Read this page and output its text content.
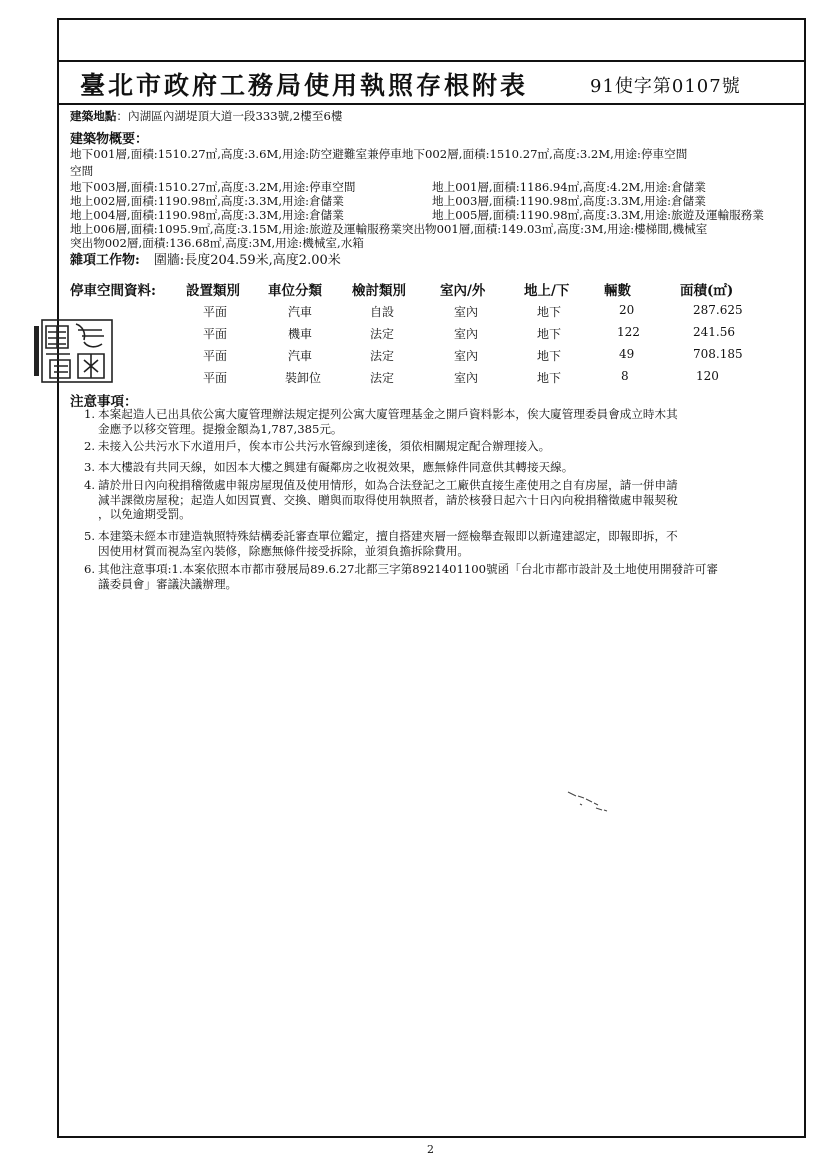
臺北市政府工務局使用執照存根附表	91使字第0107號
建築地點：內湖區內湖堤頂大道一段333號,2樓至6樓
建築物概要：
地下001層,面積:1510.27㎡,高度:3.6M,用途:防空避難室兼停車地下002層,面積:1510.27㎡,高度:3.2M,用途:停車空間
空間
地下003層,面積:1510.27㎡,高度:3.2M,用途:停車空間
地上002層,面積:1190.98㎡,高度:3.3M,用途:倉儲業
地上004層,面積:1190.98㎡,高度:3.3M,用途:倉儲業
地上001層,面積:1186.94㎡,高度:4.2M,用途:倉儲業
地上003層,面積:1190.98㎡,高度:3.3M,用途:倉儲業
地上005層,面積:1190.98㎡,高度:3.3M,用途:旅遊及運輸服務業
地上006層,面積:1095.9㎡,高度:3.15M,用途:旅遊及運輸服務業突出物001層,面積:149.03㎡,高度:3M,用途:樓梯間,機械室
突出物002層,面積:136.68㎡,高度:3M,用途:機械室,水箱
雜項工作物: 圍牆:長度204.59米,高度2.00米
停車空間資料: 設置類別 車位分類 檢討類別	室內/外	地上/下	輛數	面積(㎡)
平面	汽車	自設	室內	地下	20	287.625
平面	機車	法定	室內	地下	122	241.56
平面	汽車	法定	室內	地下	49	708.185
平面	裝卸位	法定	室內	地下	8	120
注意事項：
1. 本案起造人已出具依公寓大廈管理辦法規定提列公寓大廈管理基金之開戶資料影本，俟大廈管理委員會成立時木其
金應予以移交管理。提撥金額為1,787,385元。
2. 未接入公共污水下水道用戶，俟本市公共污水管線到達後，須依相關規定配合辦理接入。
3. 本大樓設有共同天線，如因本大樓之興建有礙鄰房之收視效果，應無條件同意供其轉接天線。
4. 請於卅日內向稅捐稽徵處申報房屋現值及使用情形，如為合法登記之工廠供直接生產使用之自有房屋，請一併申請
減半課徵房屋稅；起造人如因買賣、交換、贈與而取得使用執照者，請於核發日起六十日內向稅捐稽徵處申報契稅
，以免逾期受罰。
5. 本建築未經本市建造執照特殊結構委託審查單位鑑定，擅自搭建夾層一經檢舉查報即以新違建認定，即報即拆，不
因使用材質而視為室內裝修，除應無條件接受拆除，並須負擔拆除費用。
6. 其他注意事項:1.本案依照本市都市發展局89.6.27北都三字第8921401100號函「台北市都市設計及土地使用開發許可審
議委員會」審議決議辦理。
2
